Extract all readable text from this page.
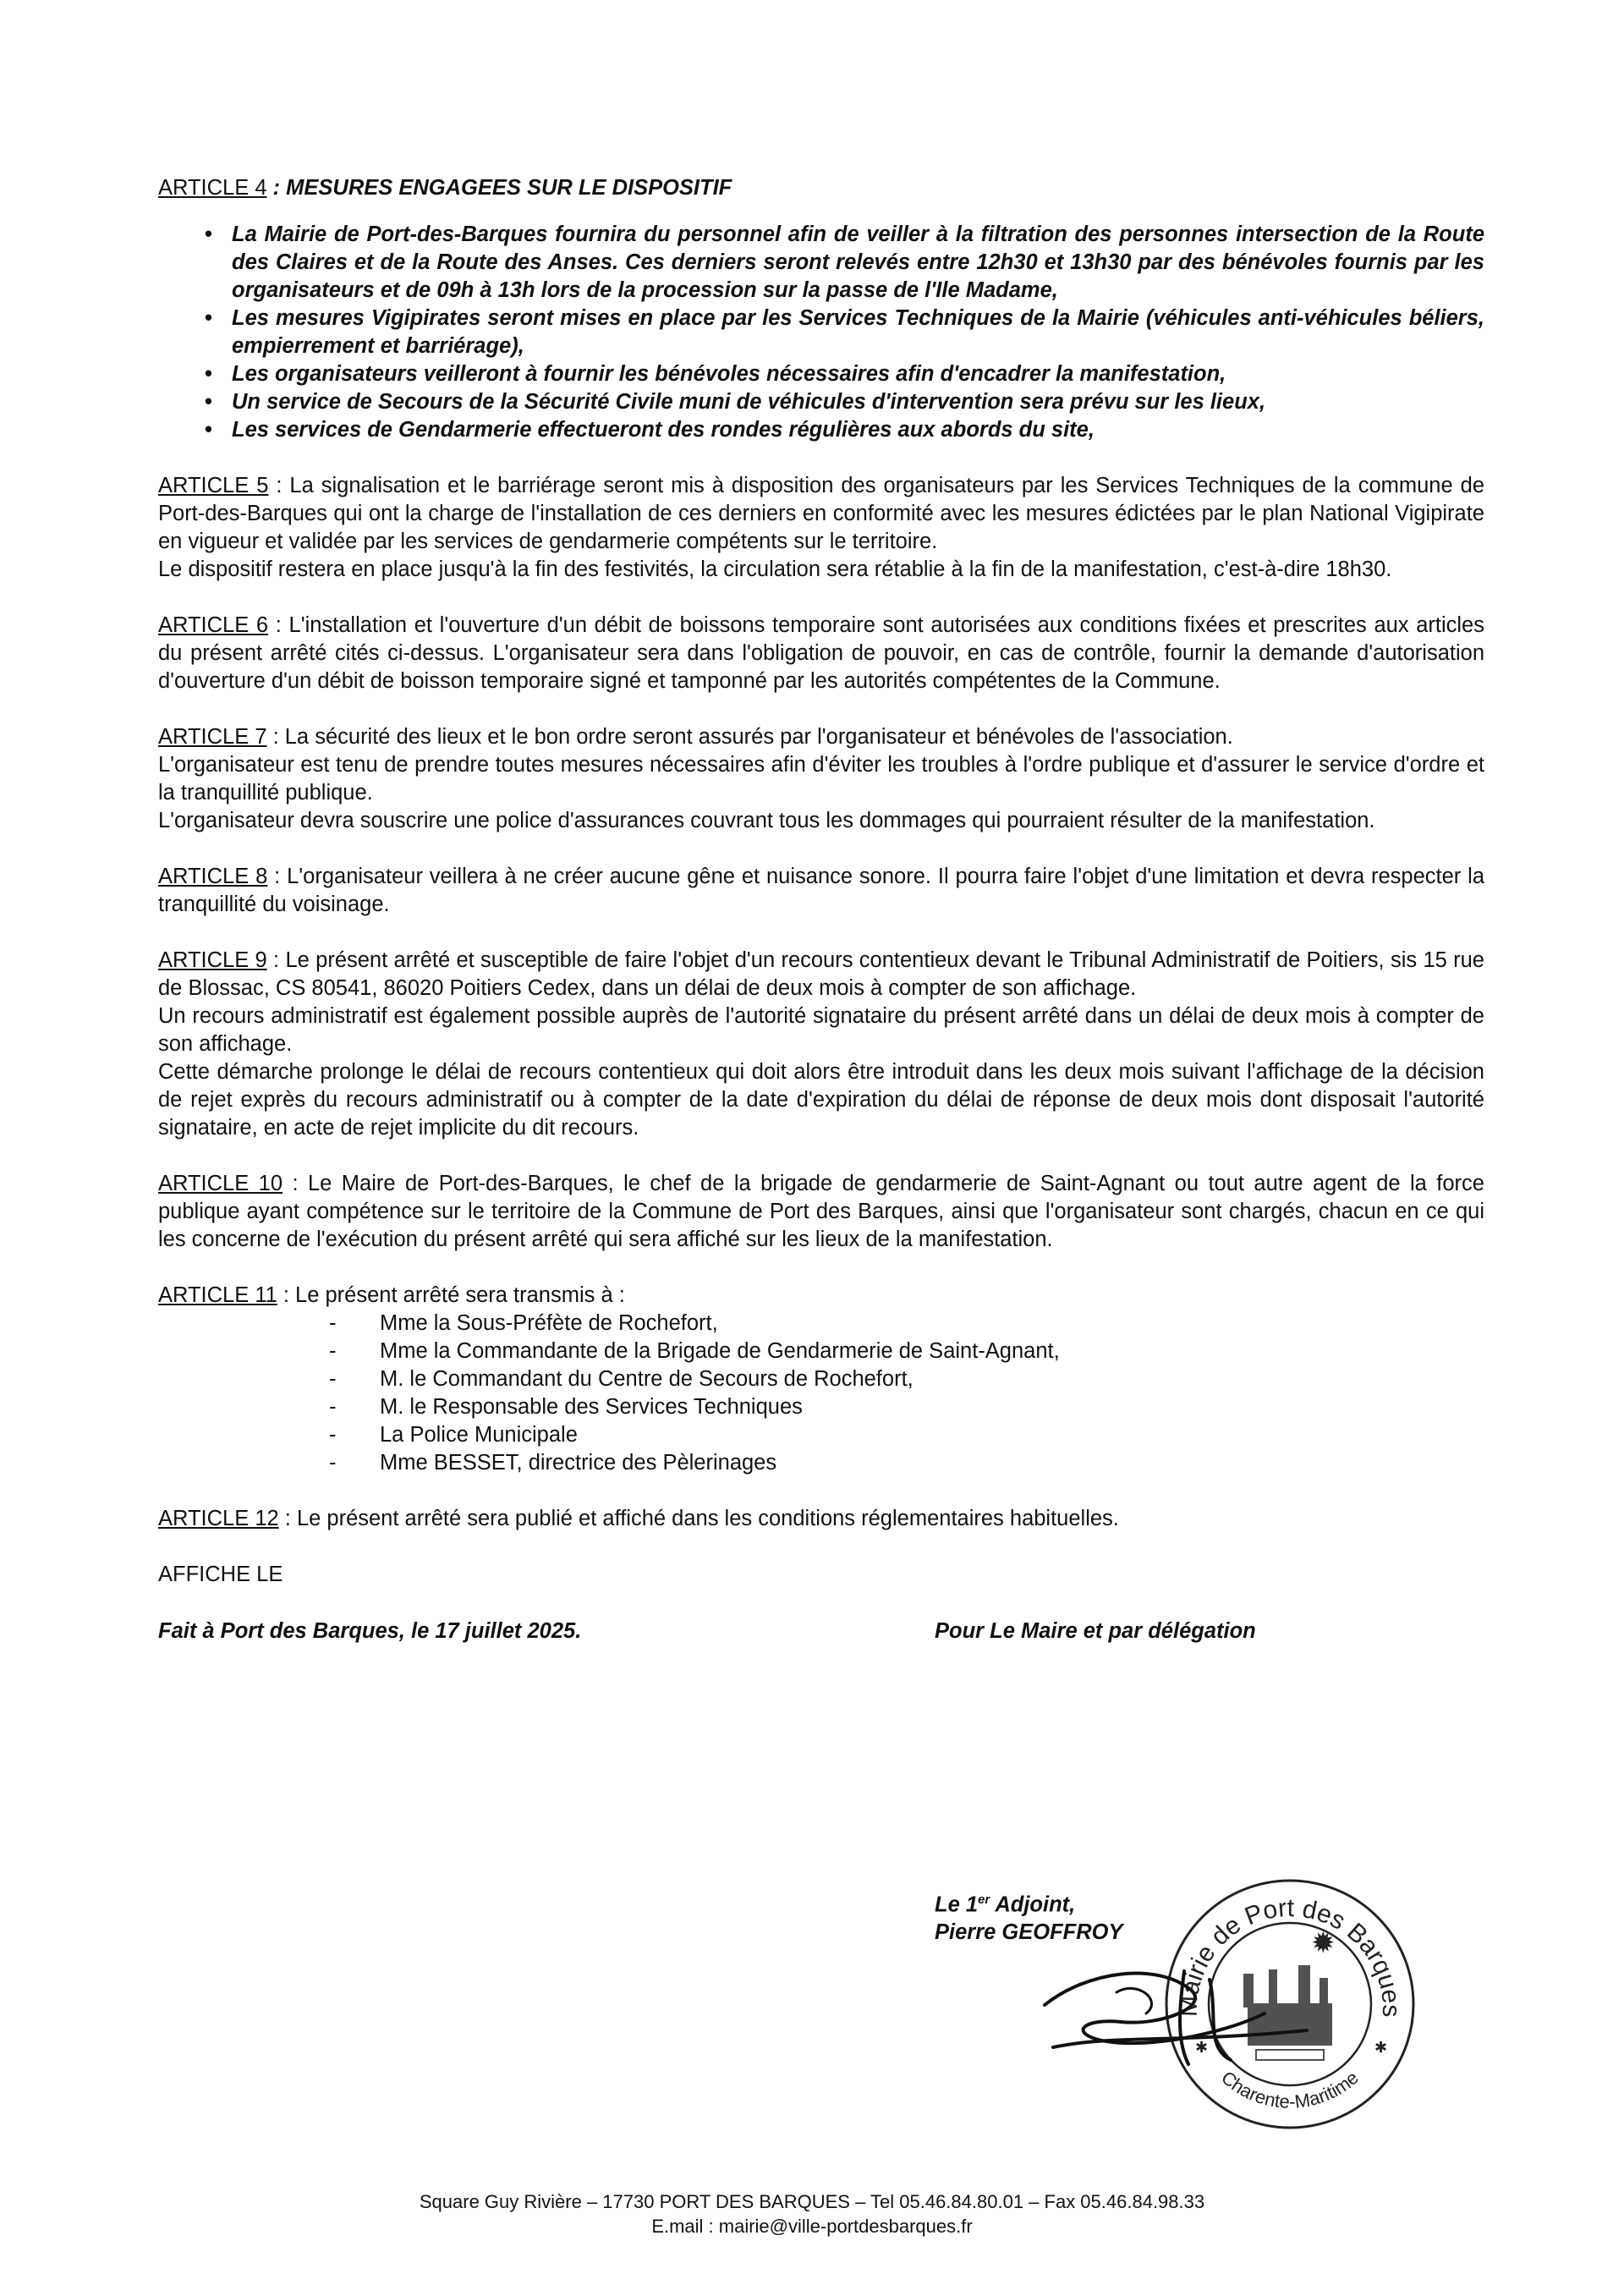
ARTICLE 4 : MESURES ENGAGEES SUR LE DISPOSITIF
• La Mairie de Port-des-Barques fournira du personnel afin de veiller à la filtration des personnes intersection de la Route des Claires et de la Route des Anses. Ces derniers seront relevés entre 12h30 et 13h30 par des bénévoles fournis par les organisateurs et de 09h à 13h lors de la procession sur la passe de l'Ile Madame,
• Les mesures Vigipirates seront mises en place par les Services Techniques de la Mairie (véhicules anti-véhicules béliers, empierrement et barriérage),
• Les organisateurs veilleront à fournir les bénévoles nécessaires afin d'encadrer la manifestation,
• Un service de Secours de la Sécurité Civile muni de véhicules d'intervention sera prévu sur les lieux,
• Les services de Gendarmerie effectueront des rondes régulières aux abords du site,

ARTICLE 5 : La signalisation et le barriérage seront mis à disposition des organisateurs par les Services Techniques de la commune de Port-des-Barques qui ont la charge de l'installation de ces derniers en conformité avec les mesures édictées par le plan National Vigipirate en vigueur et validée par les services de gendarmerie compétents sur le territoire.

Le dispositif restera en place jusqu'à la fin des festivités, la circulation sera rétablie à la fin de la manifestation, c'est-à-dire 18h30.

ARTICLE 6 : L'installation et l'ouverture d'un débit de boissons temporaire sont autorisées aux conditions fixées et prescrites aux articles du présent arrêté cités ci-dessus. L'organisateur sera dans l'obligation de pouvoir, en cas de contrôle, fournir la demande d'autorisation d'ouverture d'un débit de boisson temporaire signé et tamponné par les autorités compétentes de la Commune.

ARTICLE 7 : La sécurité des lieux et le bon ordre seront assurés par l'organisateur et bénévoles de l'association.

L'organisateur est tenu de prendre toutes mesures nécessaires afin d'éviter les troubles à l'ordre publique et d'assurer le service d'ordre et la tranquillité publique.

L'organisateur devra souscrire une police d'assurances couvrant tous les dommages qui pourraient résulter de la manifestation.

ARTICLE 8 : L'organisateur veillera à ne créer aucune gêne et nuisance sonore. Il pourra faire l'objet d'une limitation et devra respecter la tranquillité du voisinage.

ARTICLE 9 : Le présent arrêté et susceptible de faire l'objet d'un recours contentieux devant le Tribunal Administratif de Poitiers, sis 15 rue de Blossac, CS 80541, 86020 Poitiers Cedex, dans un délai de deux mois à compter de son affichage.

Un recours administratif est également possible auprès de l'autorité signataire du présent arrêté dans un délai de deux mois à compter de son affichage.

Cette démarche prolonge le délai de recours contentieux qui doit alors être introduit dans les deux mois suivant l'affichage de la décision de rejet exprès du recours administratif ou à compter de la date d'expiration du délai de réponse de deux mois dont disposait l'autorité signataire, en acte de rejet implicite du dit recours.

ARTICLE 10 : Le Maire de Port-des-Barques, le chef de la brigade de gendarmerie de Saint-Agnant ou tout autre agent de la force publique ayant compétence sur le territoire de la Commune de Port des Barques, ainsi que l'organisateur sont chargés, chacun en ce qui les concerne de l'exécution du présent arrêté qui sera affiché sur les lieux de la manifestation.

ARTICLE 11 : Le présent arrêté sera transmis à :

- Mme la Sous-Préfète de Rochefort,
- Mme la Commandante de la Brigade de Gendarmerie de Saint-Agnant,
- M. le Commandant du Centre de Secours de Rochefort,
- M. le Responsable des Services Techniques
- La Police Municipale
- Mme BESSET, directrice des Pèlerinages

ARTICLE 12 : Le présent arrêté sera publié et affiché dans les conditions réglementaires habituelles.

AFFICHE LE
Fait à Port des Barques, le 17 juillet 2025.	Pour Le Maire et par délégation
Le 1er Adjoint,
Pierre GEOFFROY
Mairie de Port des Barques
Charente-Maritime
✱	✱
✹
Square Guy Rivière – 17730 PORT DES BARQUES – Tel 05.46.84.80.01 – Fax 05.46.84.98.33
E.mail : mairie@ville-portdesbarques.fr
